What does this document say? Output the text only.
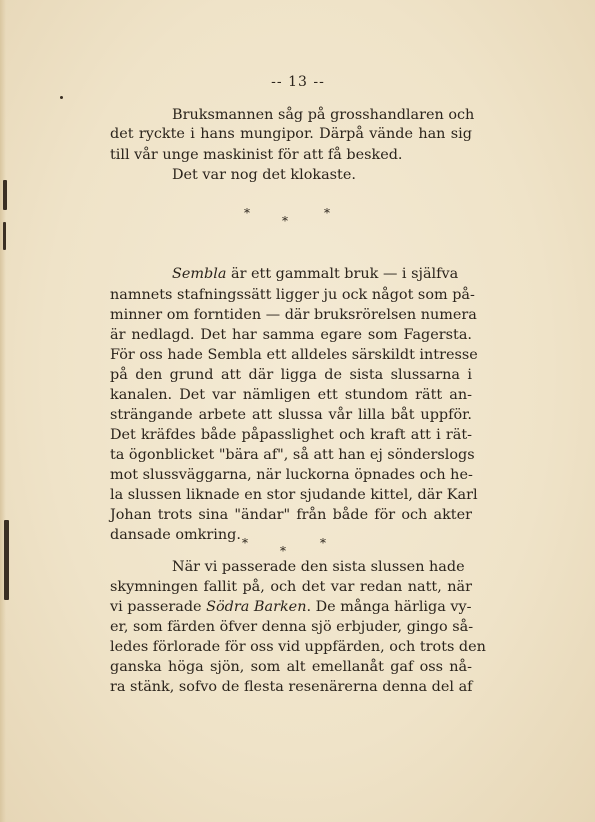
-- 13 --
Bruksmannen såg på grosshandlaren och
det ryckte i hans mungipor. Därpå vände han sig
till vår unge maskinist för att få besked.
Det var nog det klokaste.
*
*
*
Sembla är ett gammalt bruk — i själfva
namnets stafningssätt ligger ju ock något som på-
minner om forntiden — där bruksrörelsen numera
är nedlagd. Det har samma egare som Fagersta.
För oss hade Sembla ett alldeles särskildt intresse
på den grund att där ligga de sista slussarna i
kanalen. Det var nämligen ett stundom rätt an-
strängande arbete att slussa vår lilla båt uppför.
Det kräfdes både påpasslighet och kraft att i rät-
ta ögonblicket "bära af", så att han ej sönderslogs
mot slussväggarna, när luckorna öpnades och he-
la slussen liknade en stor sjudande kittel, där Karl
Johan trots sina "ändar" från både för och akter
dansade omkring. *
*
*
När vi passerade den sista slussen hade
skymningen fallit på, och det var redan natt, när
vi passerade Södra Barken. De många härliga vy-
er, som färden öfver denna sjö erbjuder, gingo så-
ledes förlorade för oss vid uppfärden, och trots den
ganska höga sjön, som alt emellanåt gaf oss nå-
ra stänk, sofvo de flesta resenärerna denna del af
